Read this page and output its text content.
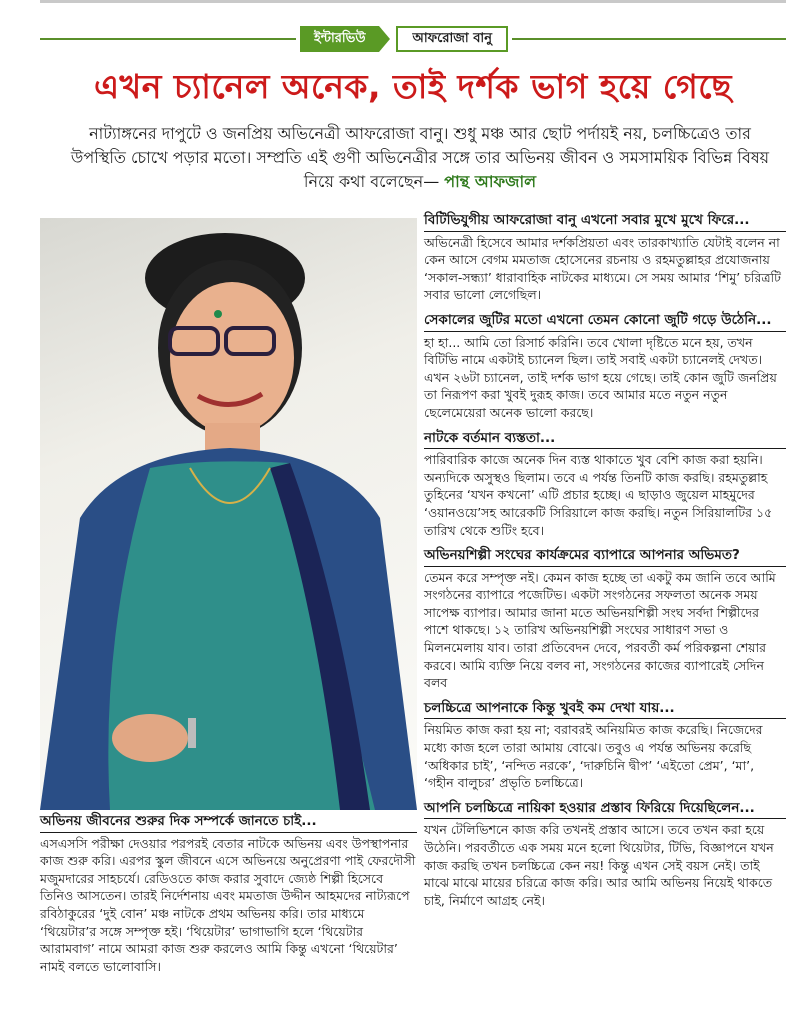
ইন্টারভিউ	আফরোজা বানু
এখন চ্যানেল অনেক, তাই দর্শক ভাগ হয়ে গেছে
নাট্যাঙ্গনের দাপুটে ও জনপ্রিয় অভিনেত্রী আফরোজা বানু। শুধু মঞ্চ আর ছোট পর্দায়ই নয়, চলচ্চিত্রেও তার উপস্থিতি চোখে পড়ার মতো। সম্প্রতি এই গুণী অভিনেত্রীর সঙ্গে তার অভিনয় জীবন ও সমসাময়িক বিভিন্ন বিষয় নিয়ে কথা বলেছেন— পান্থ আফজাল
অভিনয় জীবনের শুরুর দিক সম্পর্কে জানতে চাই...

এসএসসি পরীক্ষা দেওয়ার পরপরই বেতার নাটকে অভিনয় এবং উপস্থাপনার কাজ শুরু করি। এরপর স্কুল জীবনে এসে অভিনয়ে অনুপ্রেরণা পাই ফেরদৌসী মজুমদারের সাহচর্যে। রেডিওতে কাজ করার সুবাদে জ্যেষ্ঠ শিল্পী হিসেবে তিনিও আসতেন। তারই নির্দেশনায় এবং মমতাজ উদ্দীন আহমদের নাট্যরূপে রবিঠাকুরের ‘দুই বোন’ মঞ্চ নাটকে প্রথম অভিনয় করি। তার মাধ্যমে ‘থিয়েটার’র সঙ্গে সম্পৃক্ত হই। ‘থিয়েটার’ ভাগাভাগি হলে ‘থিয়েটার আরামবাগ’ নামে আমরা কাজ শুরু করলেও আমি কিন্তু এখনো ‘থিয়েটার’ নামই বলতে ভালোবাসি।

বিটিভিযুগীয় আফরোজা বানু এখনো সবার মুখে মুখে ফিরে...

অভিনেত্রী হিসেবে আমার দর্শকপ্রিয়তা এবং তারকাখ্যাতি যেটাই বলেন না কেন আসে বেগম মমতাজ হোসেনের রচনায় ও রহমতুল্লাহর প্রযোজনায় ‘সকাল-সন্ধ্যা’ ধারাবাহিক নাটকের মাধ্যমে। সে সময় আমার ‘শিমু’ চরিত্রটি সবার ভালো লেগেছিল।

সেকালের জুটির মতো এখনো তেমন কোনো জুটি গড়ে উঠেনি...

হা হা... আমি তো রিসার্চ করিনি। তবে খোলা দৃষ্টিতে মনে হয়, তখন বিটিভি নামে একটাই চ্যানেল ছিল। তাই সবাই একটা চ্যানেলই দেখত। এখন ২৬টা চ্যানেল, তাই দর্শক ভাগ হয়ে গেছে। তাই কোন জুটি জনপ্রিয় তা নিরূপণ করা খুবই দুরূহ কাজ। তবে আমার মতে নতুন নতুন ছেলেমেয়েরা অনেক ভালো করছে।

নাটকে বর্তমান ব্যস্ততা...

পারিবারিক কাজে অনেক দিন ব্যস্ত থাকাতে খুব বেশি কাজ করা হয়নি। অন্যদিকে অসুস্থও ছিলাম। তবে এ পর্যন্ত তিনটি কাজ করছি। রহমতুল্লাহ তুহিনের ‘যখন কখনো’ এটি প্রচার হচ্ছে। এ ছাড়াও জুয়েল মাহমুদের ‘ওয়ানওয়ে’সহ আরেকটি সিরিয়ালে কাজ করছি। নতুন সিরিয়ালটির ১৫ তারিখ থেকে শুটিং হবে।

অভিনয়শিল্পী সংঘের কার্যক্রমের ব্যাপারে আপনার অভিমত?

তেমন করে সম্পৃক্ত নই। কেমন কাজ হচ্ছে তা একটু কম জানি তবে আমি সংগঠনের ব্যাপারে পজেটিভ। একটা সংগঠনের সফলতা অনেক সময় সাপেক্ষ ব্যাপার। আমার জানা মতে অভিনয়শিল্পী সংঘ সর্বদা শিল্পীদের পাশে থাকছে। ১২ তারিখ অভিনয়শিল্পী সংঘের সাধারণ সভা ও মিলনমেলায় যাব। তারা প্রতিবেদন দেবে, পরবর্তী কর্ম পরিকল্পনা শেয়ার করবে। আমি ব্যক্তি নিয়ে বলব না, সংগঠনের কাজের ব্যাপারেই সেদিন বলব

চলচ্চিত্রে আপনাকে কিন্তু খুবই কম দেখা যায়...

নিয়মিত কাজ করা হয় না; বরাবরই অনিয়মিত কাজ করেছি। নিজেদের মধ্যে কাজ হলে তারা আমায় বোঝে। তবুও এ পর্যন্ত অভিনয় করেছি ‘অধিকার চাই’, ‘নন্দিত নরকে’, ‘দারুচিনি দ্বীপ’ ‘এইতো প্রেম’, ‘মা’, ‘গহীন বালুচর’ প্রভৃতি চলচ্চিত্রে।

আপনি চলচ্চিত্রে নায়িকা হওয়ার প্রস্তাব ফিরিয়ে দিয়েছিলেন...

যখন টেলিভিশনে কাজ করি তখনই প্রস্তাব আসে। তবে তখন করা হয়ে উঠেনি। পরবর্তীতে এক সময় মনে হলো থিয়েটার, টিভি, বিজ্ঞাপনে যখন কাজ করছি তখন চলচ্চিত্রে কেন নয়! কিন্তু এখন সেই বয়স নেই। তাই মাঝে মাঝে মায়ের চরিত্রে কাজ করি। আর আমি অভিনয় নিয়েই থাকতে চাই, নির্মাণে আগ্রহ নেই।
